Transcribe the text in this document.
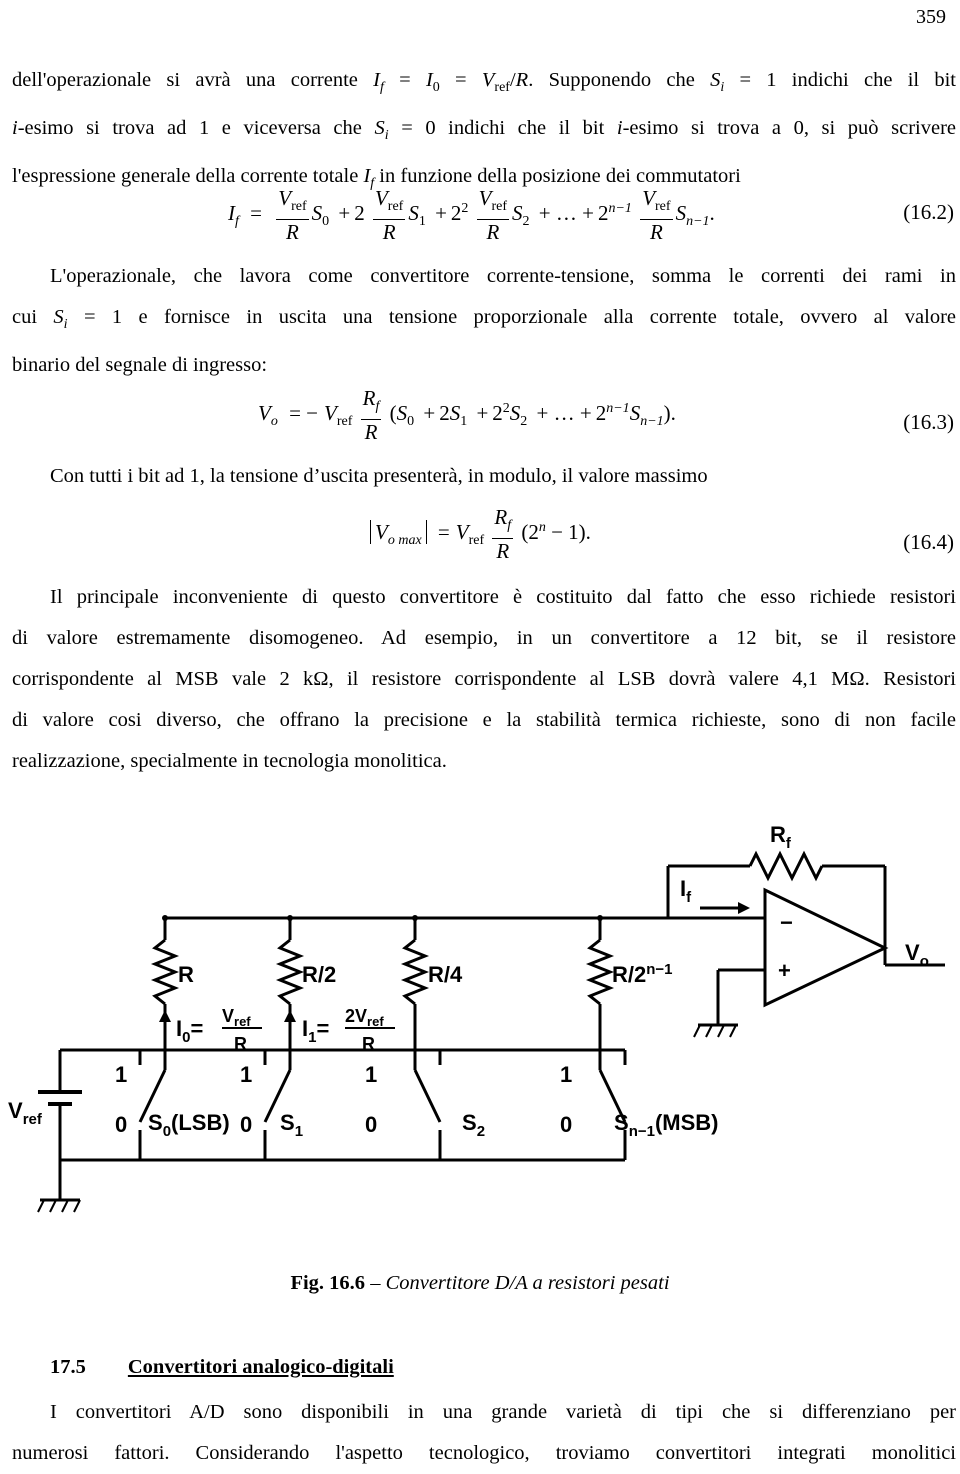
359
dell'operazionale si avrà una corrente $I_f = I_0 = V_{ref}/R$. Supponendo che $S_i = 1$ indichi che il bit
i-esimo si trova ad 1 e viceversa che $S_i = 0$ indichi che il bit i-esimo si trova a 0, si può scrivere
l'espressione generale della corrente totale $I_f$ in funzione della posizione dei commutatori
$I_f = \frac{V_{ref}}{R} S_0 + 2 \frac{V_{ref}}{R} S_1 + 2^2 \frac{V_{ref}}{R} S_2$ + … + $2^{n-1} \frac{V_{ref}}{R} S_{n-1}$.	(16.2)
L'operazionale, che lavora come convertitore corrente-tensione, somma le correnti dei rami in
cui $S_i = 1$ e fornisce in uscita una tensione proporzionale alla corrente totale, ovvero al valore
binario del segnale di ingresso:
$V_o$ = − $V_{ref} \frac{R_f}{R} (S_0 + 2S_1 + 2^2S_2$ + … + $2^{n-1}S_{n-1}$).	(16.3)
Con tutti i bit ad 1, la tensione d’uscita presenterà, in modulo, il valore massimo
$V_{o max} = V_{ref} \frac{R_f}{R} (2^n - 1)$.	(16.4)
Il principale inconveniente di questo convertitore è costituito dal fatto che esso richiede resistori
di valore estremamente disomogeneo. Ad esempio, in un convertitore a 12 bit, se il resistore
corrispondente al MSB vale 2 kΩ, il resistore corrispondente al LSB dovrà valere 4,1 MΩ. Resistori
di valore cosi diverso, che offrano la precisione e la stabilità termica richieste, sono di non facile
realizzazione, specialmente in tecnologia monolitica.
$R_f$
$I_f$
−
+
$V_o$
$V_{ref}$
R	R/2	R/4	$R/2^{n-1}$
$I_0= V_{ref}$
R
$I_1= 2V_{ref}$
R
1	1	1	1
0	0	0	0
$S_0(LSB)$ $S_1$	$S_2$	$S_{n-1}(MSB)$
Fig. 16.6 – Convertitore D/A a resistori pesati
17.5 Convertitori analogico-digitali
I convertitori A/D sono disponibili in una grande varietà di tipi che si differenziano per
numerosi fattori. Considerando l'aspetto tecnologico, troviamo convertitori integrati monolitici
